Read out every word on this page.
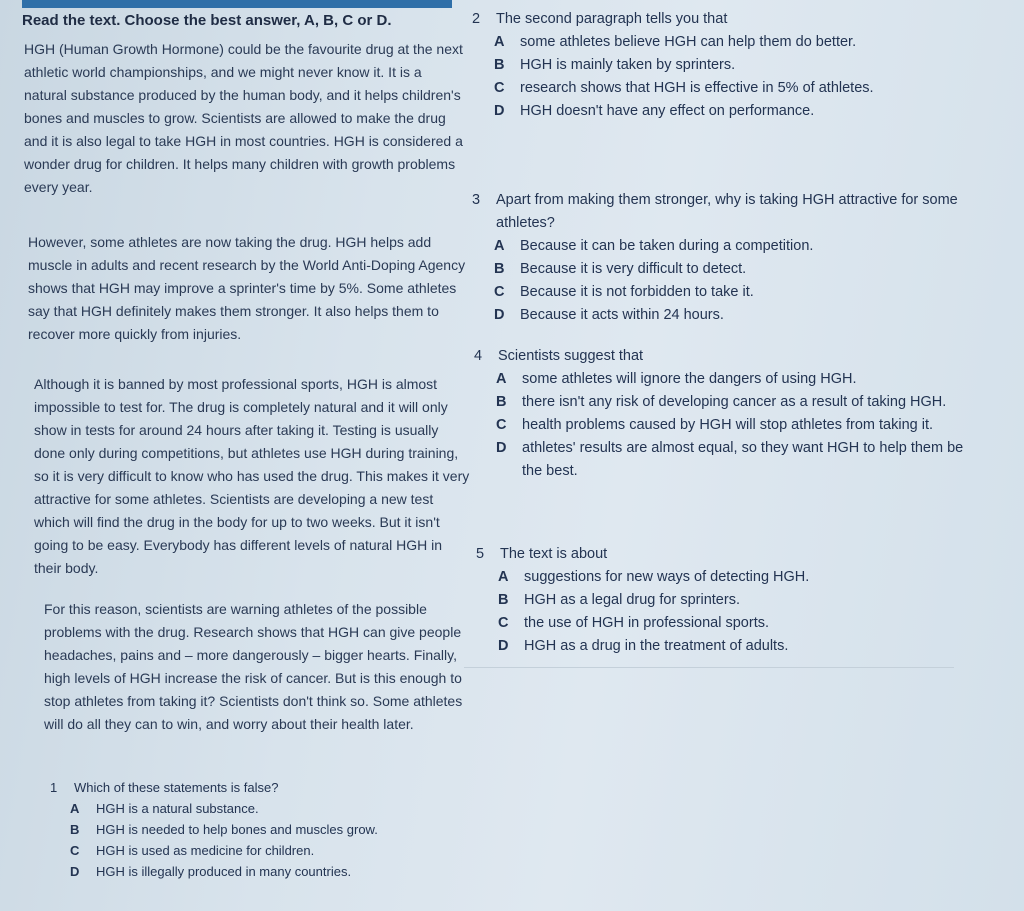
Read the text. Choose the best answer, A, B, C or D.

HGH (Human Growth Hormone) could be the favourite drug at the next athletic world championships, and we might never know it. It is a natural substance produced by the human body, and it helps children's bones and muscles to grow. Scientists are allowed to make the drug and it is also legal to take HGH in most countries. HGH is considered a wonder drug for children. It helps many children with growth problems every year.

However, some athletes are now taking the drug. HGH helps add muscle in adults and recent research by the World Anti-Doping Agency shows that HGH may improve a sprinter's time by 5%. Some athletes say that HGH definitely makes them stronger. It also helps them to recover more quickly from injuries.

Although it is banned by most professional sports, HGH is almost impossible to test for. The drug is completely natural and it will only show in tests for around 24 hours after taking it. Testing is usually done only during competitions, but athletes use HGH during training, so it is very difficult to know who has used the drug. This makes it very attractive for some athletes. Scientists are developing a new test which will find the drug in the body for up to two weeks. But it isn't going to be easy. Everybody has different levels of natural HGH in their body.

For this reason, scientists are warning athletes of the possible problems with the drug. Research shows that HGH can give people headaches, pains and – more dangerously – bigger hearts. Finally, high levels of HGH increase the risk of cancer. But is this enough to stop athletes from taking it? Scientists don't think so. Some athletes will do all they can to win, and worry about their health later.

1	Which of these statements is false?
A	HGH is a natural substance.
B	HGH is needed to help bones and muscles grow.
C	HGH is used as medicine for children.
D	HGH is illegally produced in many countries.
2	The second paragraph tells you that
A	some athletes believe HGH can help them do better.
B	HGH is mainly taken by sprinters.
C	research shows that HGH is effective in 5% of athletes.
D	HGH doesn't have any effect on performance.
3	Apart from making them stronger, why is taking HGH attractive for some athletes?
A	Because it can be taken during a competition.
B	Because it is very difficult to detect.
C	Because it is not forbidden to take it.
D	Because it acts within 24 hours.
4	Scientists suggest that
A	some athletes will ignore the dangers of using HGH.
B	there isn't any risk of developing cancer as a result of taking HGH.
C	health problems caused by HGH will stop athletes from taking it.
D	athletes' results are almost equal, so they want HGH to help them be the best.
5	The text is about
A	suggestions for new ways of detecting HGH.
B	HGH as a legal drug for sprinters.
C	the use of HGH in professional sports.
D	HGH as a drug in the treatment of adults.
